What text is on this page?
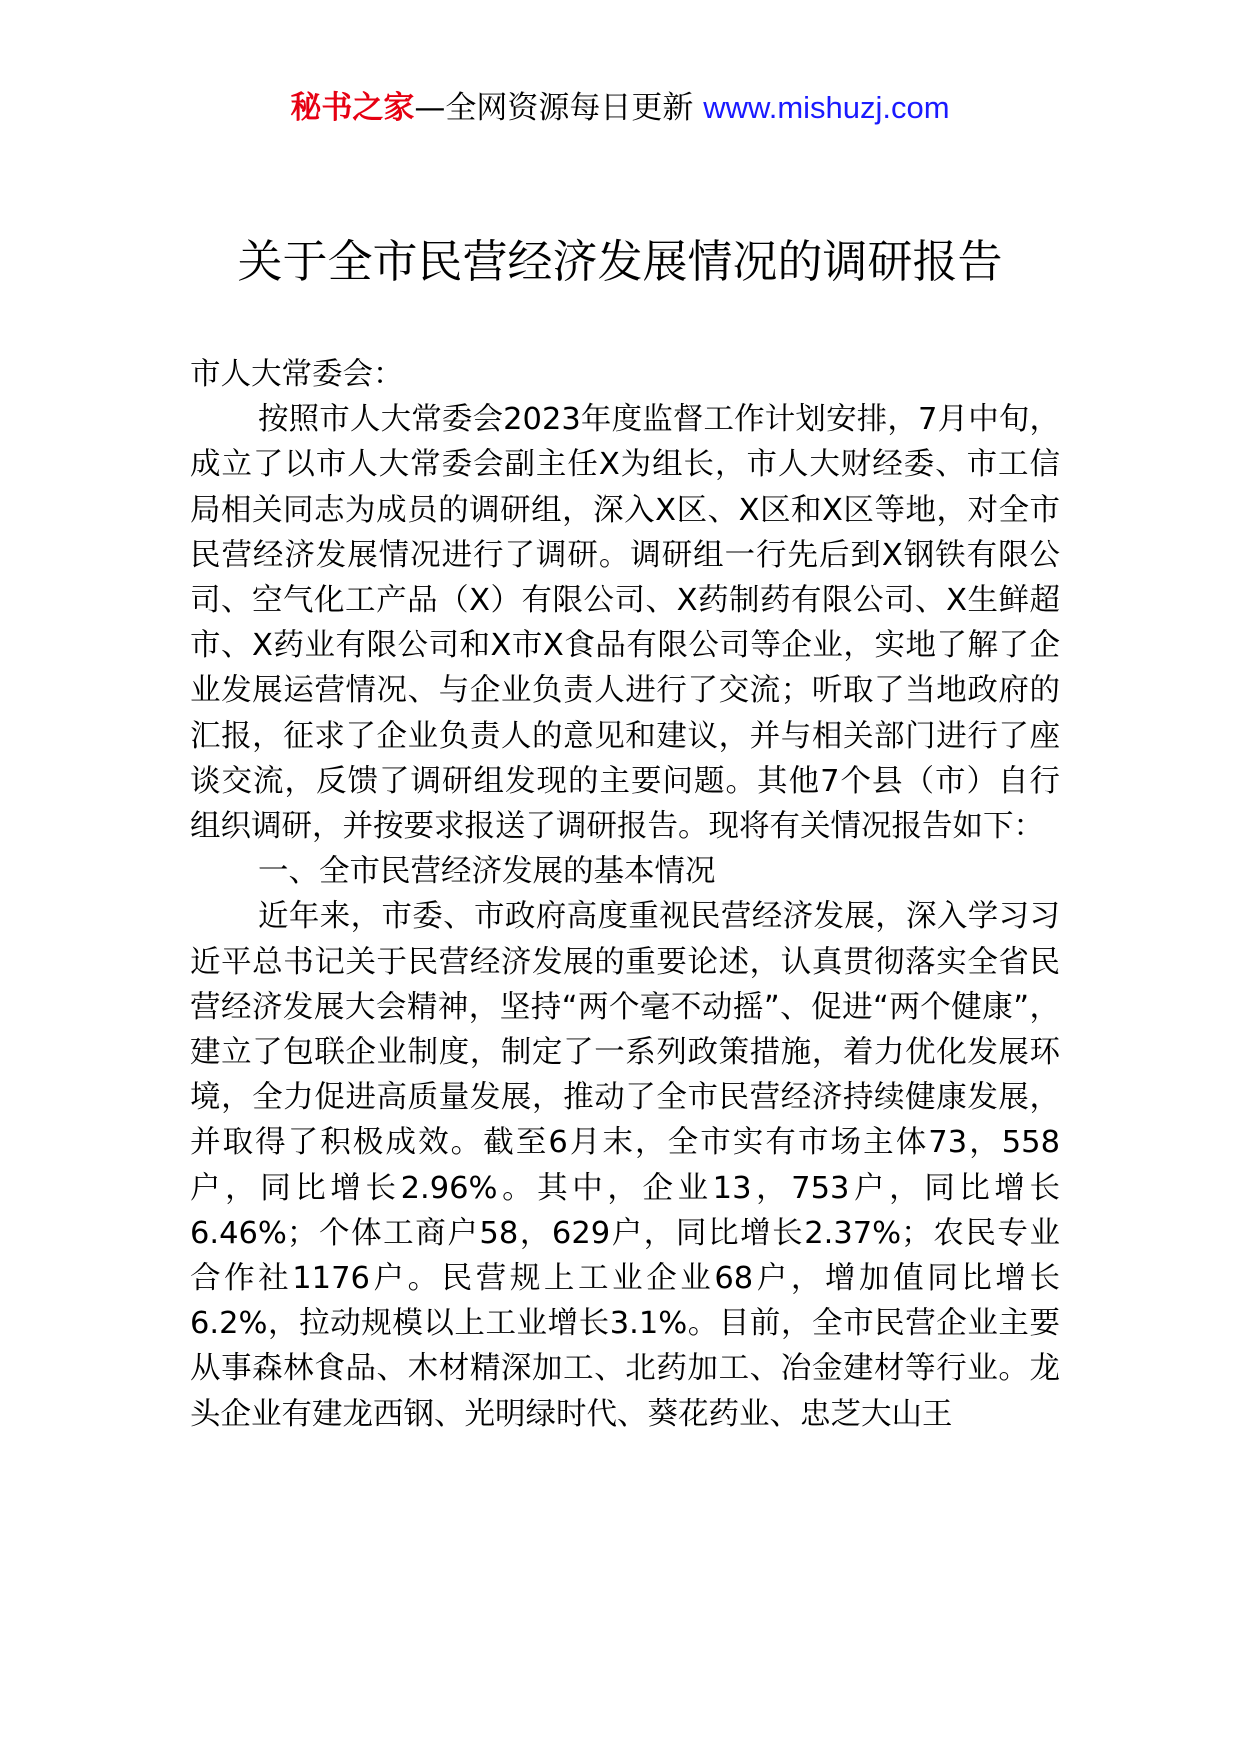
秘书之家—全网资源每日更新 www.mishuzj.com
关于全市民营经济发展情况的调研报告

市人大常委会：

按照市人大常委会2023年度监督工作计划安排，7月中旬，成立了以市人大常委会副主任X为组长，市人大财经委、市工信局相关同志为成员的调研组，深入X区、X区和X区等地，对全市民营经济发展情况进行了调研。调研组一行先后到X钢铁有限公司、空气化工产品（X）有限公司、X药制药有限公司、X生鲜超市、X药业有限公司和X市X食品有限公司等企业，实地了解了企业发展运营情况、与企业负责人进行了交流；听取了当地政府的汇报，征求了企业负责人的意见和建议，并与相关部门进行了座谈交流，反馈了调研组发现的主要问题。其他7个县（市）自行组织调研，并按要求报送了调研报告。现将有关情况报告如下：

一、全市民营经济发展的基本情况

近年来，市委、市政府高度重视民营经济发展，深入学习习近平总书记关于民营经济发展的重要论述，认真贯彻落实全省民营经济发展大会精神，坚持“两个毫不动摇”、促进“两个健康”，建立了包联企业制度，制定了一系列政策措施，着力优化发展环境，全力促进高质量发展，推动了全市民营经济持续健康发展，并取得了积极成效。截至6月末，全市实有市场主体73，558户，同比增长2.96%。其中，企业13，753户，同比增长6.46%；个体工商户58，629户，同比增长2.37%；农民专业合作社1176户。民营规上工业企业68户，增加值同比增长6.2%，拉动规模以上工业增长3.1%。目前，全市民营企业主要从事森林食品、木材精深加工、北药加工、冶金建材等行业。龙头企业有建龙西钢、光明绿时代、葵花药业、忠芝大山王
